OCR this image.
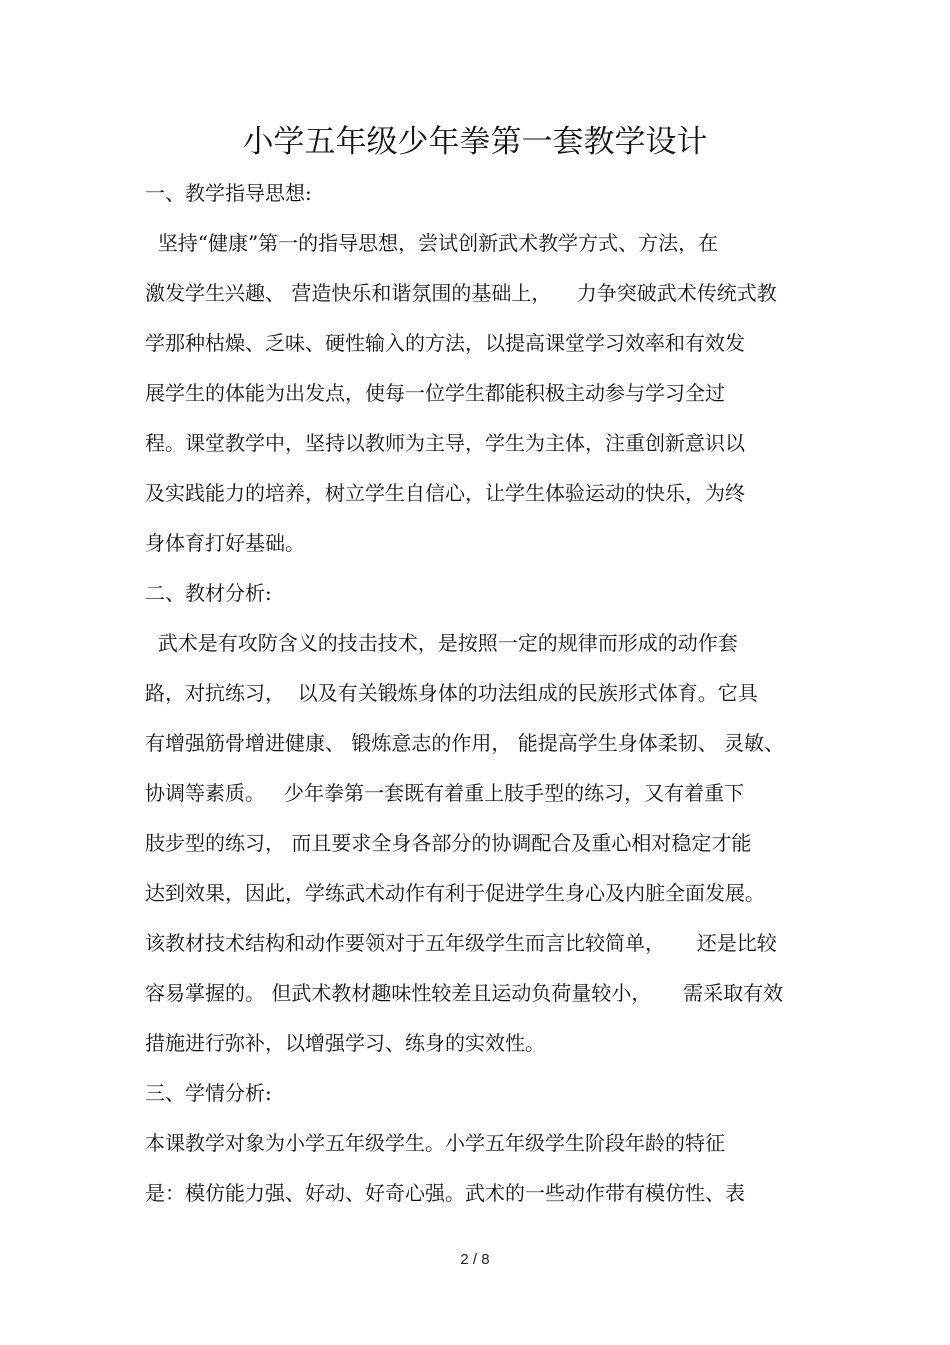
小学五年级少年拳第一套教学设计
一、教学指导思想:
坚持“健康”第一的指导思想，尝试创新武术教学方式、方法，在
激发学生兴趣、 营造快乐和谐氛围的基础上，    力争突破武术传统式教
学那种枯燥、乏味、硬性输入的方法，以提高课堂学习效率和有效发
展学生的体能为出发点，使每一位学生都能积极主动参与学习全过
程。课堂教学中，坚持以教师为主导，学生为主体，注重创新意识以
及实践能力的培养，树立学生自信心，让学生体验运动的快乐，为终
身体育打好基础。
二、教材分析:
武术是有攻防含义的技击技术，是按照一定的规律而形成的动作套
路，对抗练习，  以及有关锻炼身体的功法组成的民族形式体育。它具
有增强筋骨增进健康、 锻炼意志的作用， 能提高学生身体柔韧、 灵敏、
协调等素质。   少年拳第一套既有着重上肢手型的练习，又有着重下
肢步型的练习， 而且要求全身各部分的协调配合及重心相对稳定才能
达到效果，因此，学练武术动作有利于促进学生身心及内脏全面发展。
该教材技术结构和动作要领对于五年级学生而言比较简单，     还是比较
容易掌握的。 但武术教材趣味性较差且运动负荷量较小，     需采取有效
措施进行弥补，以增强学习、练身的实效性。
三、学情分析:
本课教学对象为小学五年级学生。小学五年级学生阶段年龄的特征
是：模仿能力强、好动、好奇心强。武术的一些动作带有模仿性、表
2 / 8
